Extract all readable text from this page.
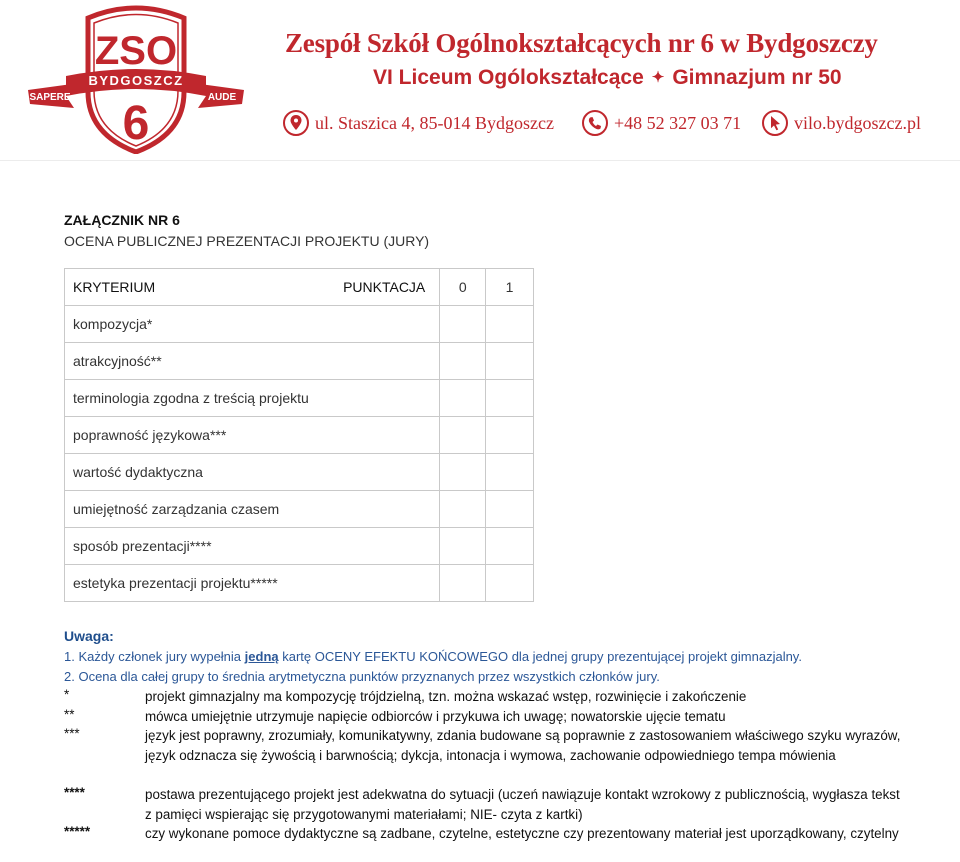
SAPERE	AUDE
BYDGOSZCZ
ZSO
6
Zespół Szkół Ogólnokształcących nr 6 w Bydgoszczy
VI Liceum Ogólokształcące ✦ Gimnazjum nr 50
ul. Staszica 4, 85-014 Bydgoszcz	+48 52 327 03 71	vilo.bydgoszcz.pl
ZAŁĄCZNIK NR 6
OCENA PUBLICZNEJ PREZENTACJI PROJEKTU (JURY)
KRYTERIUM PUNKTACJA	0	1
kompozycja*		
atrakcyjność**		
terminologia zgodna z treścią projektu		
poprawność językowa***		
wartość dydaktyczna		
umiejętność zarządzania czasem		
sposób prezentacji****		
estetyka prezentacji projektu*****		
Uwaga:
1. Każdy członek jury wypełnia jedną kartę OCENY EFEKTU KOŃCOWEGO dla jednej grupy prezentującej projekt gimnazjalny.
2. Ocena dla całej grupy to średnia arytmetyczna punktów przyznanych przez wszystkich członków jury.
*	projekt gimnazjalny ma kompozycję trójdzielną, tzn. można wskazać wstęp, rozwinięcie i zakończenie
**	mówca umiejętnie utrzymuje napięcie odbiorców i przykuwa ich uwagę; nowatorskie ujęcie tematu
***	język jest poprawny, zrozumiały, komunikatywny, zdania budowane są poprawnie z zastosowaniem właściwego szyku wyrazów, język odznacza się żywością i barwnością; dykcja, intonacja i wymowa, zachowanie odpowiedniego tempa mówienia
****	postawa prezentującego projekt jest adekwatna do sytuacji (uczeń nawiązuje kontakt wzrokowy z publicznością, wygłasza tekst z pamięci wspierając się przygotowanymi materiałami; NIE- czyta z kartki)
*****	czy wykonane pomoce dydaktyczne są zadbane, czytelne, estetyczne czy prezentowany materiał jest uporządkowany, czytelny
